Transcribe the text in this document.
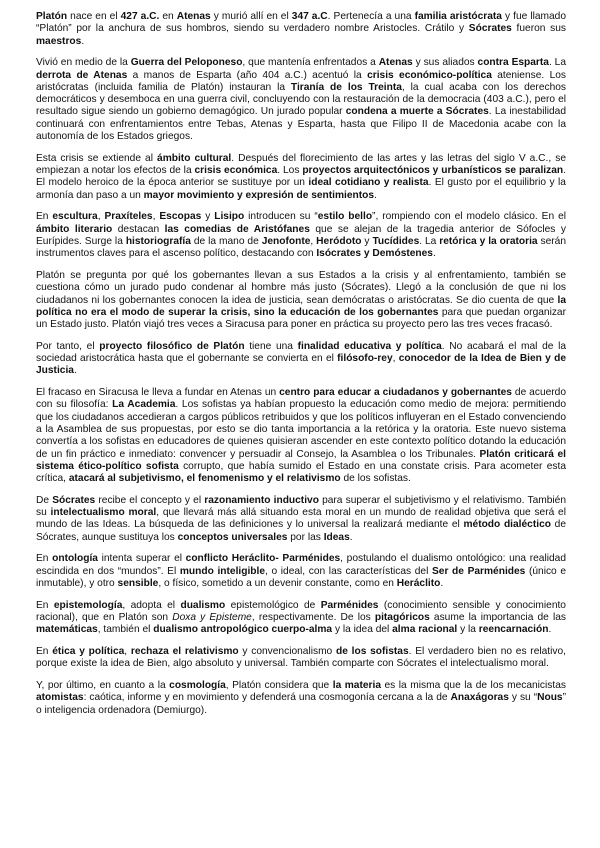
Platón nace en el 427 a.C. en Atenas y murió allí en el 347 a.C. Pertenecía a una familia aristócrata y fue llamado “Platón” por la anchura de sus hombros, siendo su verdadero nombre Aristocles. Crátilo y Sócrates fueron sus maestros.

Vivió en medio de la Guerra del Peloponeso, que mantenía enfrentados a Atenas y sus aliados contra Esparta. La derrota de Atenas a manos de Esparta (año 404 a.C.) acentuó la crisis económico-política ateniense. Los aristócratas (incluida familia de Platón) instauran la Tiranía de los Treinta, la cual acaba con los derechos democráticos y desemboca en una guerra civil, concluyendo con la restauración de la democracia (403 a.C.), pero el resultado sigue siendo un gobierno demagógico. Un jurado popular condena a muerte a Sócrates. La inestabilidad continuará con enfrentamientos entre Tebas, Atenas y Esparta, hasta que Filipo II de Macedonia acabe con la autonomía de los Estados griegos.

Esta crisis se extiende al ámbito cultural. Después del florecimiento de las artes y las letras del siglo V a.C., se empiezan a notar los efectos de la crisis económica. Los proyectos arquitectónicos y urbanísticos se paralizan. El modelo heroico de la época anterior se sustituye por un ideal cotidiano y realista. El gusto por el equilibrio y la armonía dan paso a un mayor movimiento y expresión de sentimientos.

En escultura, Praxíteles, Escopas y Lisipo introducen su “estilo bello”, rompiendo con el modelo clásico. En el ámbito literario destacan las comedias de Aristófanes que se alejan de la tragedia anterior de Sófocles y Eurípides. Surge la historiografía de la mano de Jenofonte, Heródoto y Tucídides. La retórica y la oratoria serán instrumentos claves para el ascenso político, destacando con Isócrates y Demóstenes.

Platón se pregunta por qué los gobernantes llevan a sus Estados a la crisis y al enfrentamiento, también se cuestiona cómo un jurado pudo condenar al hombre más justo (Sócrates). Llegó a la conclusión de que ni los ciudadanos ni los gobernantes conocen la idea de justicia, sean demócratas o aristócratas. Se dio cuenta de que la política no era el modo de superar la crisis, sino la educación de los gobernantes para que puedan organizar un Estado justo. Platón viajó tres veces a Siracusa para poner en práctica su proyecto pero las tres veces fracasó.

Por tanto, el proyecto filosófico de Platón tiene una finalidad educativa y política. No acabará el mal de la sociedad aristocrática hasta que el gobernante se convierta en el filósofo-rey, conocedor de la Idea de Bien y de Justicia.

El fracaso en Siracusa le lleva a fundar en Atenas un centro para educar a ciudadanos y gobernantes de acuerdo con su filosofía: La Academia. Los sofistas ya habían propuesto la educación como medio de mejora: permitiendo que los ciudadanos accedieran a cargos públicos retribuidos y que los políticos influyeran en el Estado convenciendo a la Asamblea de sus propuestas, por esto se dio tanta importancia a la retórica y la oratoria. Este nuevo sistema convertía a los sofistas en educadores de quienes quisieran ascender en este contexto político dotando la educación de un fin práctico e inmediato: convencer y persuadir al Consejo, la Asamblea o los Tribunales. Platón criticará el sistema ético-político sofista corrupto, que había sumido el Estado en una constate crisis. Para acometer esta crítica, atacará al subjetivismo, el fenomenismo y el relativismo de los sofistas.

De Sócrates recibe el concepto y el razonamiento inductivo para superar el subjetivismo y el relativismo. También su intelectualismo moral, que llevará más allá situando esta moral en un mundo de realidad objetiva que será el mundo de las Ideas. La búsqueda de las definiciones y lo universal la realizará mediante el método dialéctico de Sócrates, aunque sustituya los conceptos universales por las Ideas.

En ontología intenta superar el conflicto Heráclito- Parménides, postulando el dualismo ontológico: una realidad escindida en dos “mundos”. El mundo inteligible, o ideal, con las características del Ser de Parménides (único e inmutable), y otro sensible, o físico, sometido a un devenir constante, como en Heráclito.

En epistemología, adopta el dualismo epistemológico de Parménides (conocimiento sensible y conocimiento racional), que en Platón son Doxa y Episteme, respectivamente. De los pitagóricos asume la importancia de las matemáticas, también el dualismo antropológico cuerpo-alma y la idea del alma racional y la reencarnación.

En ética y política, rechaza el relativismo y convencionalismo de los sofistas. El verdadero bien no es relativo, porque existe la idea de Bien, algo absoluto y universal. También comparte con Sócrates el intelectualismo moral.

Y, por último, en cuanto a la cosmología, Platón considera que la materia es la misma que la de los mecanicistas atomistas: caótica, informe y en movimiento y defenderá una cosmogonía cercana a la de Anaxágoras y su “Nous” o inteligencia ordenadora (Demiurgo).
